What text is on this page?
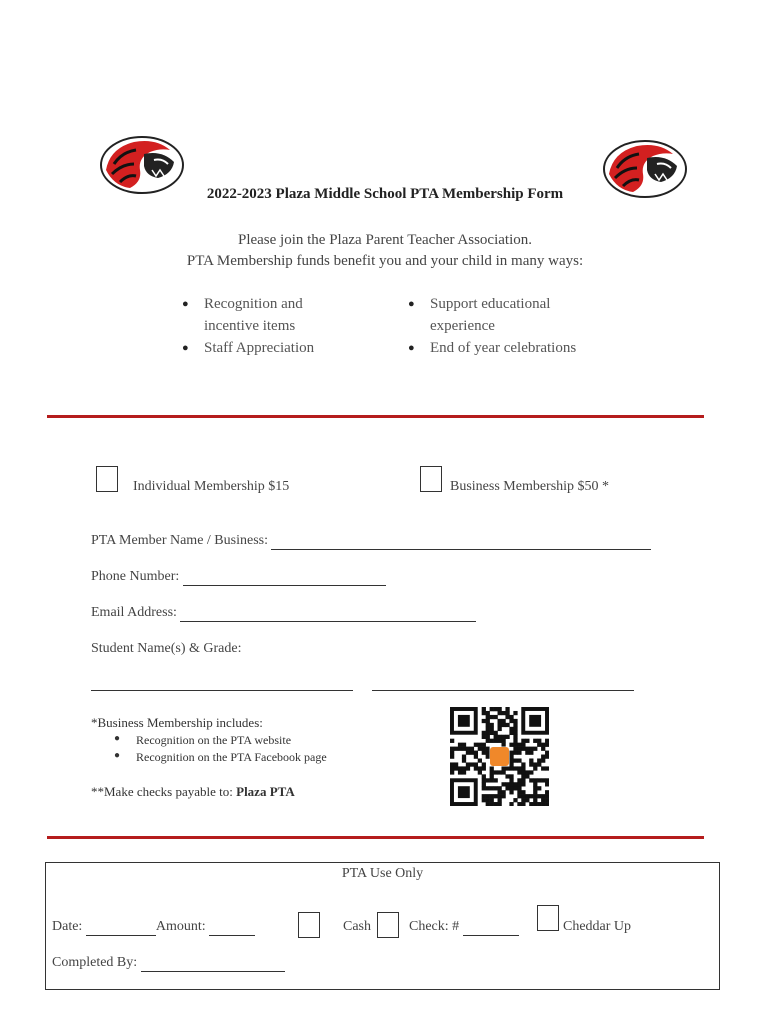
2022-2023 Plaza Middle School PTA Membership Form
Please join the Plaza Parent Teacher Association.
PTA Membership funds benefit you and your child in many ways:
● Recognition and
incentive items
● Staff Appreciation
● Support educational
experience
● End of year celebrations
Individual Membership $15	Business Membership $50 *
PTA Member Name / Business:
Phone Number:
Email Address:
Student Name(s) & Grade:
*Business Membership includes:
● Recognition on the PTA website
● Recognition on the PTA Facebook page
**Make checks payable to: Plaza PTA
PTA Use Only
Date:	Amount:	Cash	Check: #	Cheddar Up
Completed By:
